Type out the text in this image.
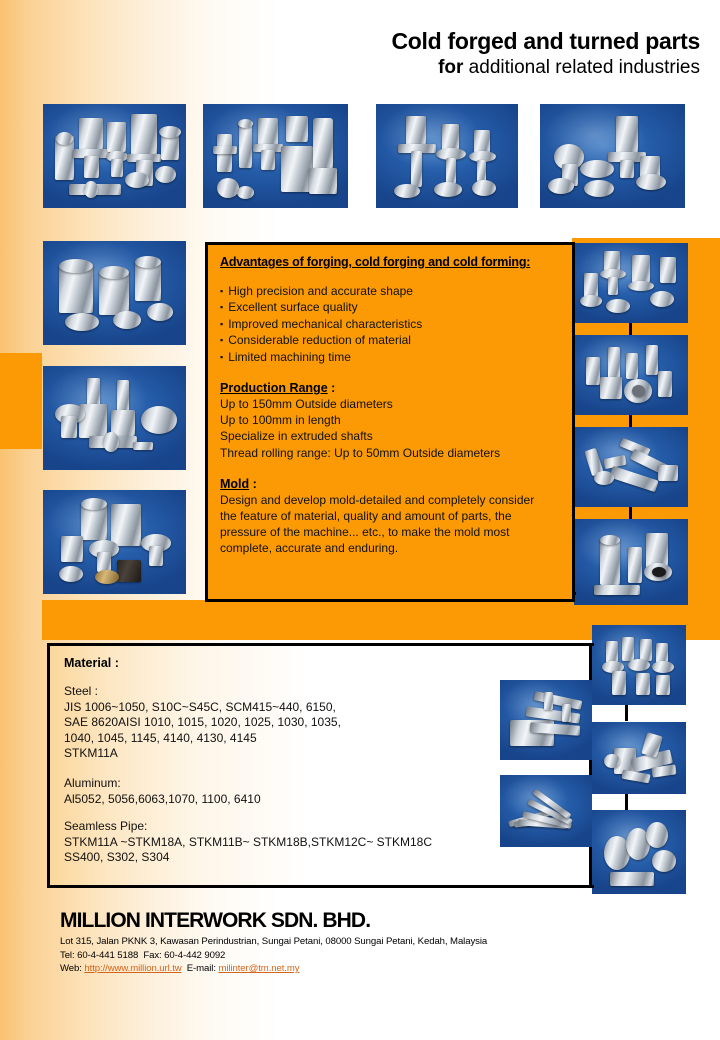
Cold forged and turned parts
for additional related industries
Advantages of forging, cold forging and cold forming:
▪ High precision and accurate shape
▪ Excellent surface quality
▪ Improved mechanical characteristics
▪ Considerable reduction of material
▪ Limited machining time
Production Range :
Up to 150mm Outside diameters
Up to 100mm in length
Specialize in extruded shafts
Thread rolling range: Up to 50mm Outside diameters
Mold :
Design and develop mold-detailed and completely consider
the feature of material, quality and amount of parts, the
pressure of the machine... etc., to make the mold most
complete, accurate and enduring.
Material :
Steel :
JIS 1006~1050, S10C~S45C, SCM415~440, 6150,
SAE 8620AISI 1010, 1015, 1020, 1025, 1030, 1035,
1040, 1045, 1145, 4140, 4130, 4145
STKM11A
Aluminum:
Al5052, 5056,6063,1070, 1100, 6410
Seamless Pipe:
STKM11A ~STKM18A, STKM11B~ STKM18B,STKM12C~ STKM18C
SS400, S302, S304
MILLION INTERWORK SDN. BHD.
Lot 315, Jalan PKNK 3, Kawasan Perindustrian, Sungai Petani, 08000 Sungai Petani, Kedah, Malaysia
Tel: 60-4-441 5188 Fax: 60-4-442 9092
Web: http://www.million.url.tw E-mail: milinter@tm.net.my
